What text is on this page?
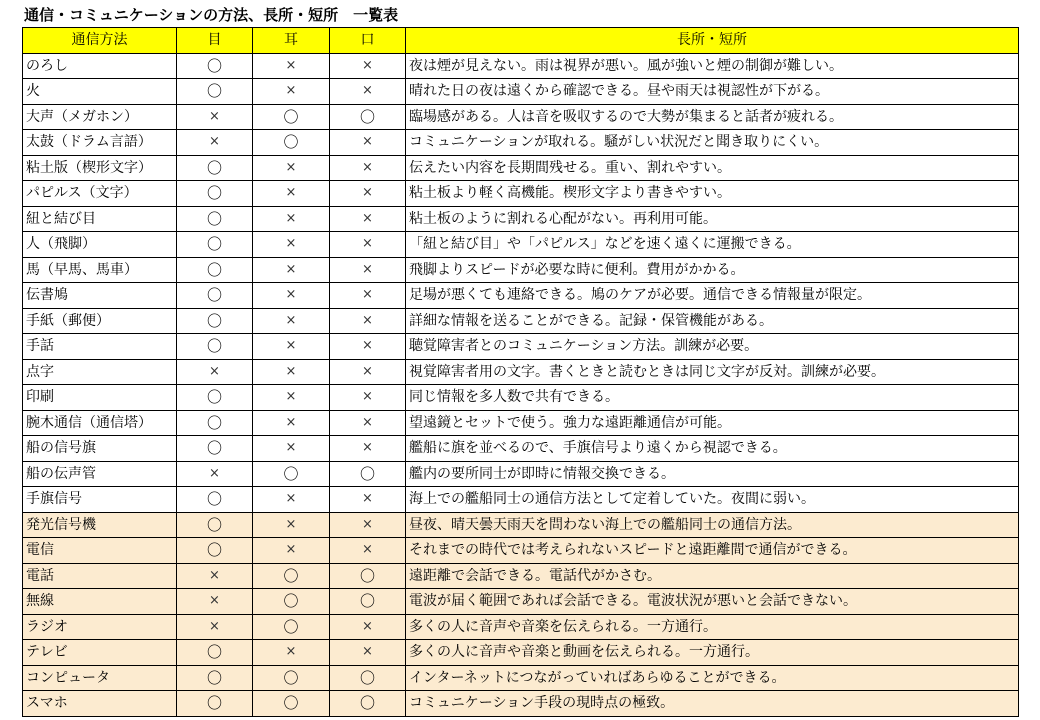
通信・コミュニケーションの方法、長所・短所　一覧表
通信方法	目	耳	口	長所・短所
のろし	〇	×	×	夜は煙が見えない。雨は視界が悪い。風が強いと煙の制御が難しい。
火	〇	×	×	晴れた日の夜は遠くから確認できる。昼や雨天は視認性が下がる。
大声（メガホン）	×	〇	〇	臨場感がある。人は音を吸収するので大勢が集まると話者が疲れる。
太鼓（ドラム言語）	×	〇	×	コミュニケーションが取れる。騒がしい状況だと聞き取りにくい。
粘土版（楔形文字）	〇	×	×	伝えたい内容を長期間残せる。重い、割れやすい。
パピルス（文字）	〇	×	×	粘土板より軽く高機能。楔形文字より書きやすい。
紐と結び目	〇	×	×	粘土板のように割れる心配がない。再利用可能。
人（飛脚）	〇	×	×	「紐と結び目」や「パピルス」などを速く遠くに運搬できる。
馬（早馬、馬車）	〇	×	×	飛脚よりスピードが必要な時に便利。費用がかかる。
伝書鳩	〇	×	×	足場が悪くても連絡できる。鳩のケアが必要。通信できる情報量が限定。
手紙（郵便）	〇	×	×	詳細な情報を送ることができる。記録・保管機能がある。
手話	〇	×	×	聴覚障害者とのコミュニケーション方法。訓練が必要。
点字	×	×	×	視覚障害者用の文字。書くときと読むときは同じ文字が反対。訓練が必要。
印刷	〇	×	×	同じ情報を多人数で共有できる。
腕木通信（通信塔）	〇	×	×	望遠鏡とセットで使う。強力な遠距離通信が可能。
船の信号旗	〇	×	×	艦船に旗を並べるので、手旗信号より遠くから視認できる。
船の伝声管	×	〇	〇	艦内の要所同士が即時に情報交換できる。
手旗信号	〇	×	×	海上での艦船同士の通信方法として定着していた。夜間に弱い。
発光信号機	〇	×	×	昼夜、晴天曇天雨天を問わない海上での艦船同士の通信方法。
電信	〇	×	×	それまでの時代では考えられないスピードと遠距離間で通信ができる。
電話	×	〇	〇	遠距離で会話できる。電話代がかさむ。
無線	×	〇	〇	電波が届く範囲であれば会話できる。電波状況が悪いと会話できない。
ラジオ	×	〇	×	多くの人に音声や音楽を伝えられる。一方通行。
テレビ	〇	×	×	多くの人に音声や音楽と動画を伝えられる。一方通行。
コンピュータ	〇	〇	〇	インターネットにつながっていればあらゆることができる。
スマホ	〇	〇	〇	コミュニケーション手段の現時点の極致。
